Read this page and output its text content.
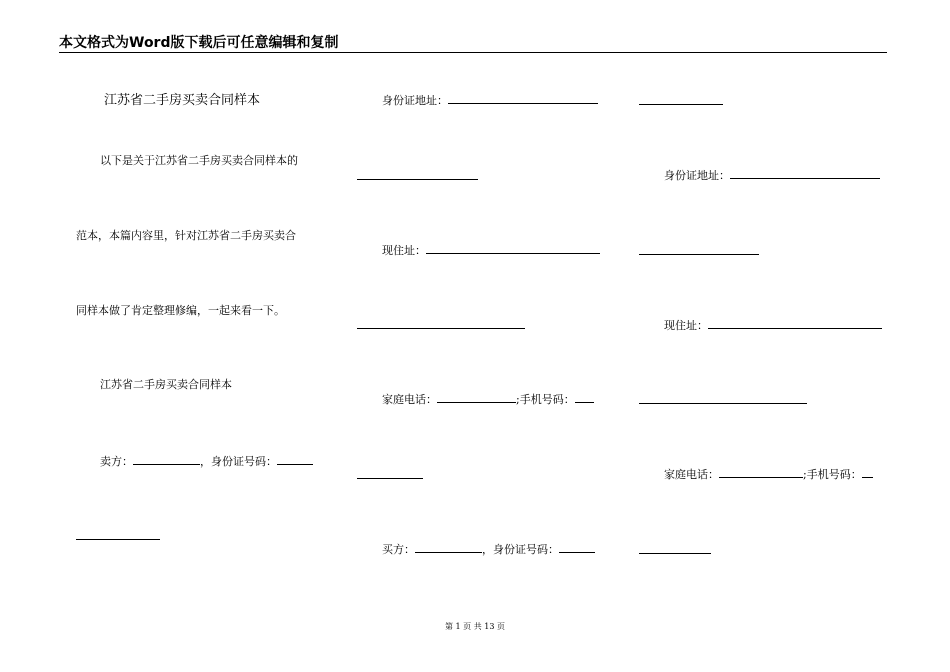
本文格式为Word版下载后可任意编辑和复制
江苏省二手房买卖合同样本
以下是关于江苏省二手房买卖合同样本的
范本，本篇内容里，针对江苏省二手房买卖合
同样本做了肯定整理修编，一起来看一下。
江苏省二手房买卖合同样本
卖方：	，身份证号码：
身份证地址：
现住址：
家庭电话：	;手机号码：
买方：	，身份证号码：
身份证地址：
现住址：
家庭电话：	;手机号码：
第 1 页 共 13 页
